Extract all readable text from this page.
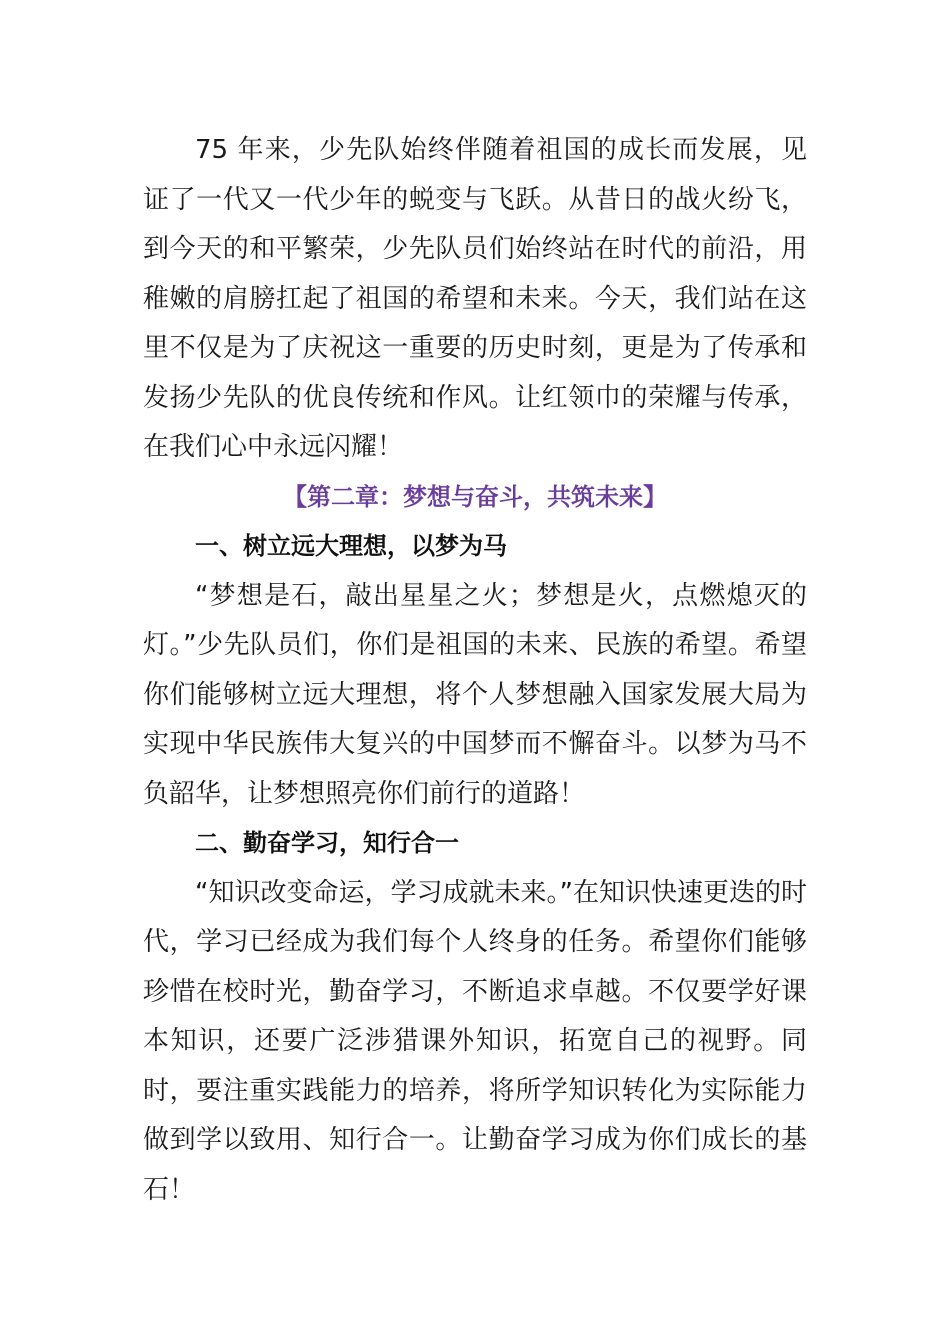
75 年来，少先队始终伴随着祖国的成长而发展，见证了一代又一代少年的蜕变与飞跃。从昔日的战火纷飞，到今天的和平繁荣，少先队员们始终站在时代的前沿，用稚嫩的肩膀扛起了祖国的希望和未来。今天，我们站在这里不仅是为了庆祝这一重要的历史时刻，更是为了传承和发扬少先队的优良传统和作风。让红领巾的荣耀与传承，在我们心中永远闪耀！

【第二章：梦想与奋斗，共筑未来】

一、树立远大理想，以梦为马

“梦想是石，敲出星星之火；梦想是火，点燃熄灭的灯。”少先队员们，你们是祖国的未来、民族的希望。希望你们能够树立远大理想，将个人梦想融入国家发展大局为实现中华民族伟大复兴的中国梦而不懈奋斗。以梦为马不负韶华，让梦想照亮你们前行的道路！

二、勤奋学习，知行合一

“知识改变命运，学习成就未来。”在知识快速更迭的时代，学习已经成为我们每个人终身的任务。希望你们能够珍惜在校时光，勤奋学习，不断追求卓越。不仅要学好课本知识，还要广泛涉猎课外知识，拓宽自己的视野。同时，要注重实践能力的培养，将所学知识转化为实际能力做到学以致用、知行合一。让勤奋学习成为你们成长的基石！
